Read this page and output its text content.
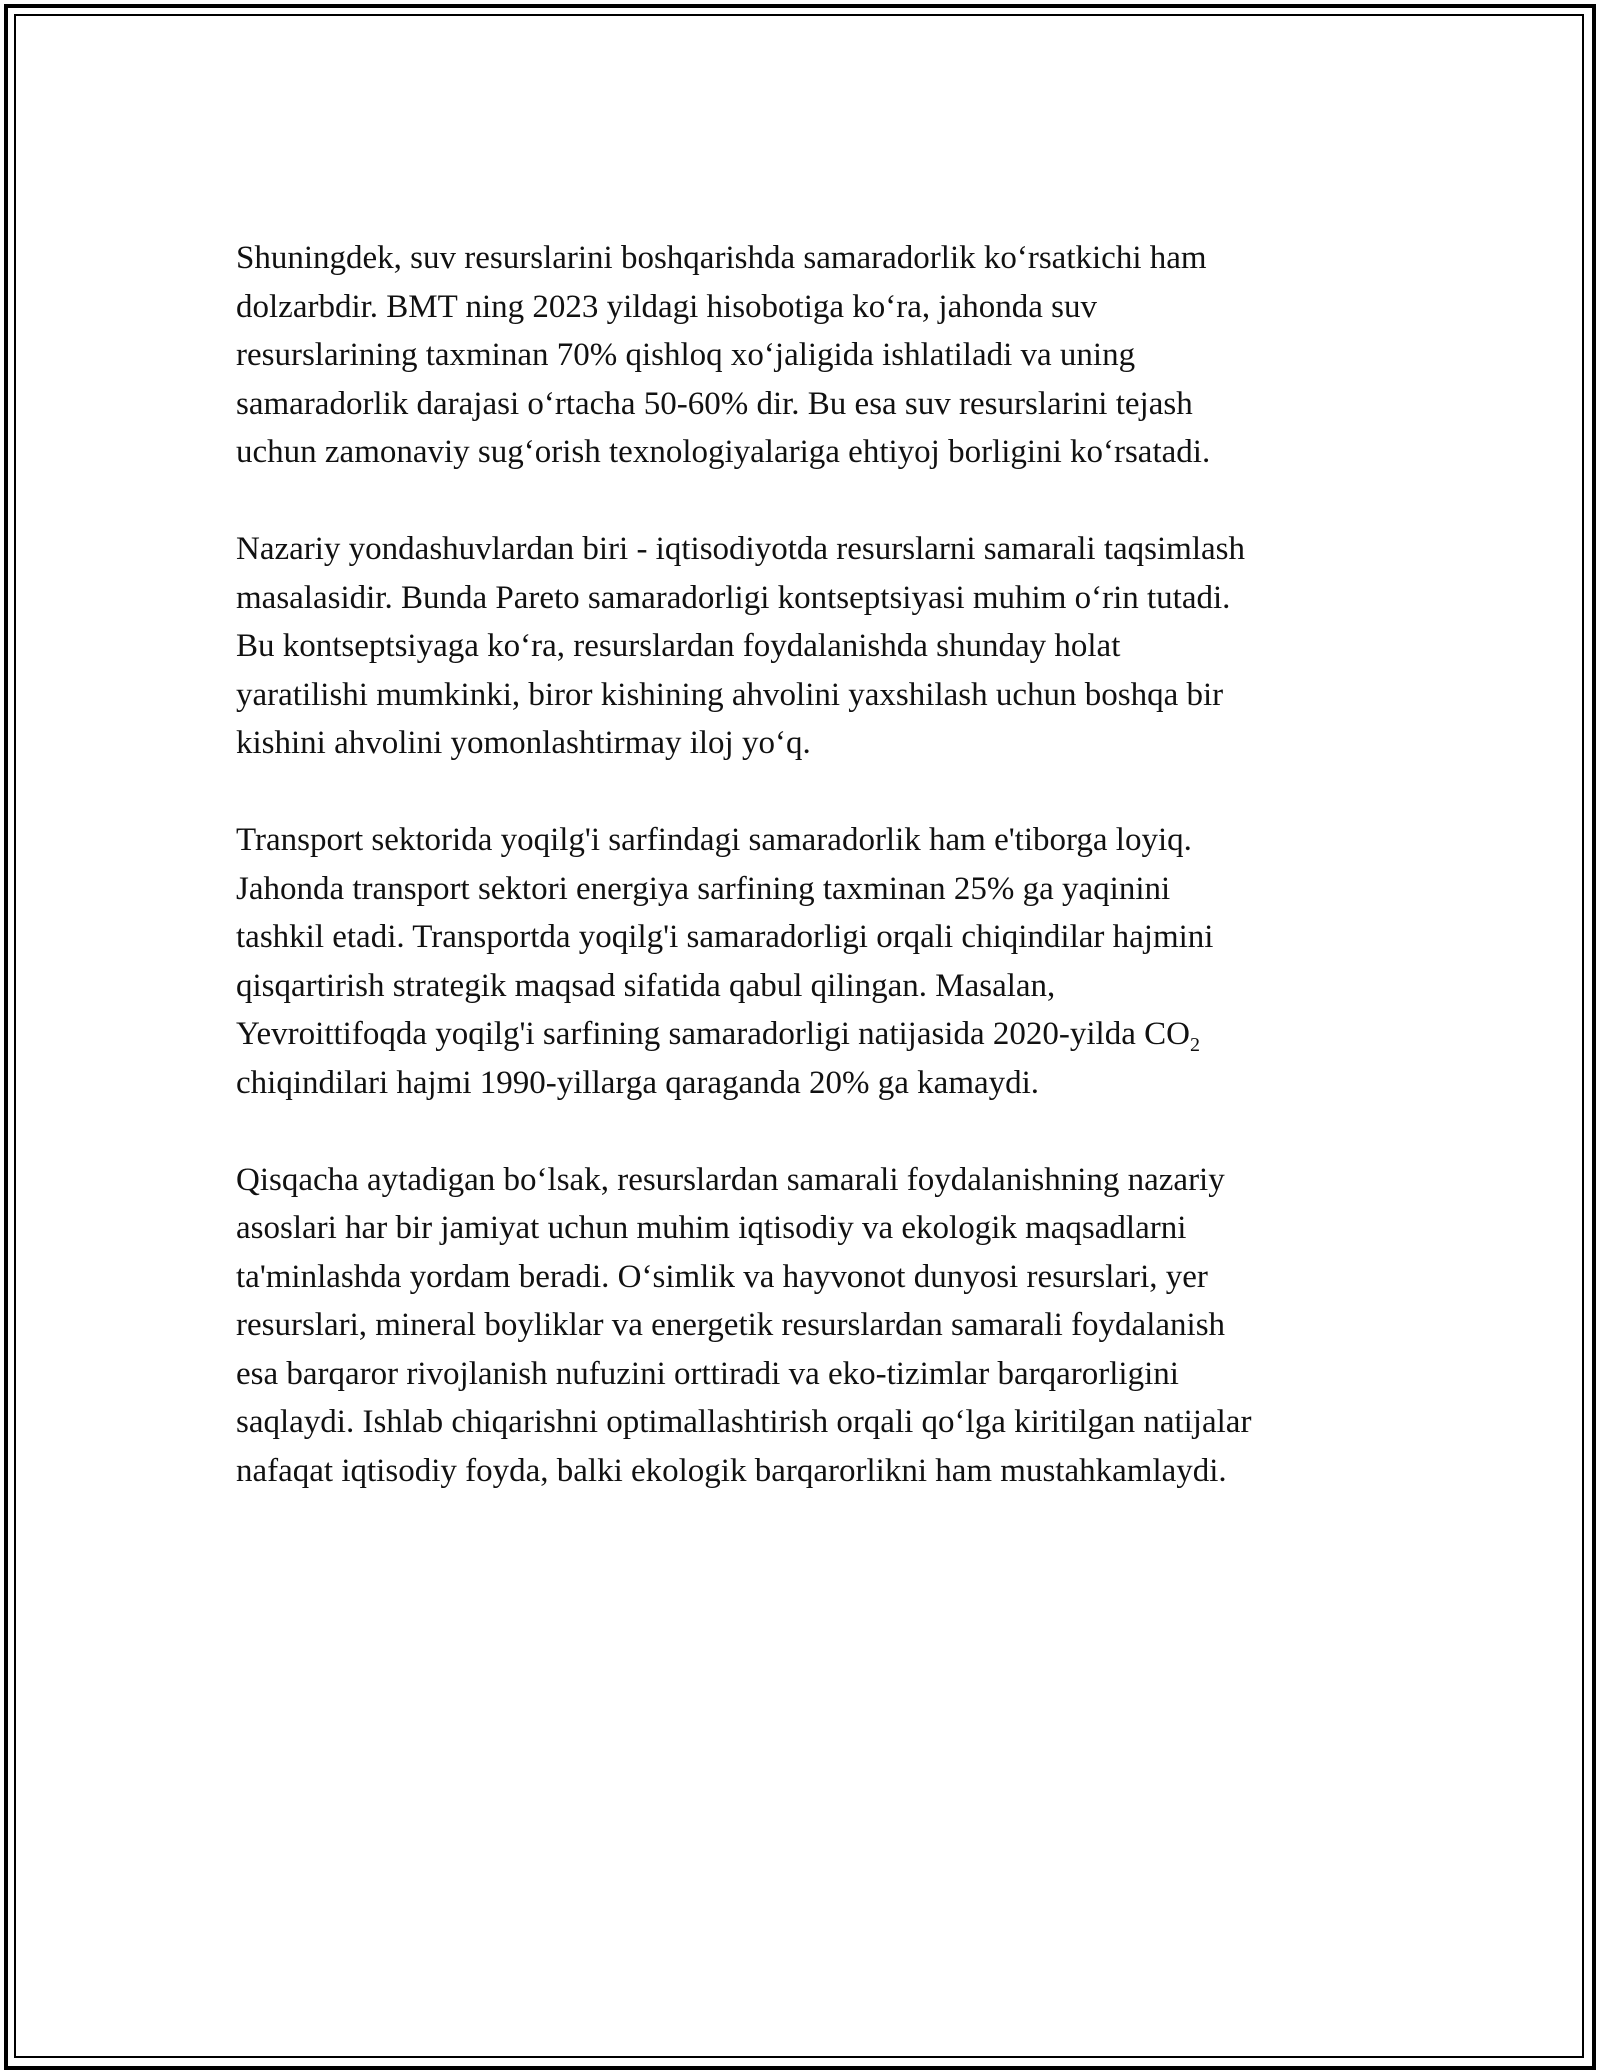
Shuningdek, suv resurslarini boshqarishda samaradorlik koʻrsatkichi ham
dolzarbdir. BMT ning 2023 yildagi hisobotiga koʻra, jahonda suv
resurslarining taxminan 70% qishloq xoʻjaligida ishlatiladi va uning
samaradorlik darajasi oʻrtacha 50-60% dir. Bu esa suv resurslarini tejash
uchun zamonaviy sugʻorish texnologiyalariga ehtiyoj borligini koʻrsatadi.

Nazariy yondashuvlardan biri - iqtisodiyotda resurslarni samarali taqsimlash
masalasidir. Bunda Pareto samaradorligi kontseptsiyasi muhim oʻrin tutadi.
Bu kontseptsiyaga koʻra, resurslardan foydalanishda shunday holat
yaratilishi mumkinki, biror kishining ahvolini yaxshilash uchun boshqa bir
kishini ahvolini yomonlashtirmay iloj yoʻq.

Transport sektorida yoqilg'i sarfindagi samaradorlik ham e'tiborga loyiq.
Jahonda transport sektori energiya sarfining taxminan 25% ga yaqinini
tashkil etadi. Transportda yoqilg'i samaradorligi orqali chiqindilar hajmini
qisqartirish strategik maqsad sifatida qabul qilingan. Masalan,
Yevroittifoqda yoqilg'i sarfining samaradorligi natijasida 2020-yilda $CO_2$
chiqindilari hajmi 1990-yillarga qaraganda 20% ga kamaydi.

Qisqacha aytadigan boʻlsak, resurslardan samarali foydalanishning nazariy
asoslari har bir jamiyat uchun muhim iqtisodiy va ekologik maqsadlarni
ta'minlashda yordam beradi. Oʻsimlik va hayvonot dunyosi resurslari, yer
resurslari, mineral boyliklar va energetik resurslardan samarali foydalanish
esa barqaror rivojlanish nufuzini orttiradi va eko-tizimlar barqarorligini
saqlaydi. Ishlab chiqarishni optimallashtirish orqali qoʻlga kiritilgan natijalar
nafaqat iqtisodiy foyda, balki ekologik barqarorlikni ham mustahkamlaydi.
